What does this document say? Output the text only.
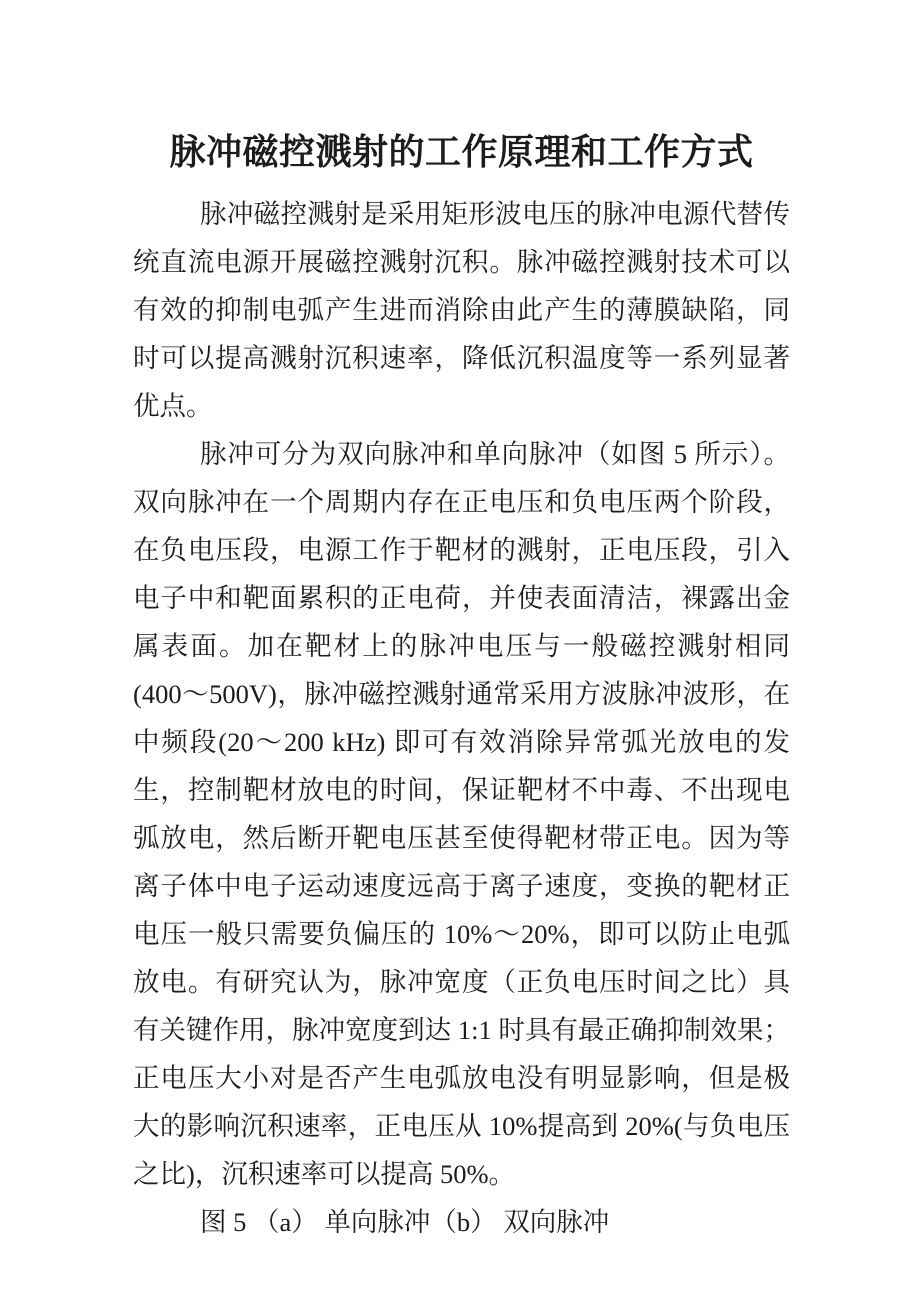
脉冲磁控溅射的工作原理和工作方式

脉冲磁控溅射是采用矩形波电压的脉冲电源代替传统直流电源开展磁控溅射沉积。脉冲磁控溅射技术可以有效的抑制电弧产生进而消除由此产生的薄膜缺陷，同时可以提高溅射沉积速率，降低沉积温度等一系列显著优点。

脉冲可分为双向脉冲和单向脉冲（如图 5 所示）。双向脉冲在一个周期内存在正电压和负电压两个阶段，在负电压段，电源工作于靶材的溅射，正电压段，引入电子中和靶面累积的正电荷，并使表面清洁，裸露出金属表面。加在靶材上的脉冲电压与一般磁控溅射相同(400～500V)，脉冲磁控溅射通常采用方波脉冲波形，在中频段(20～200 kHz) 即可有效消除异常弧光放电的发生，控制靶材放电的时间，保证靶材不中毒、不出现电弧放电，然后断开靶电压甚至使得靶材带正电。因为等离子体中电子运动速度远高于离子速度，变换的靶材正电压一般只需要负偏压的 10%～20%，即可以防止电弧放电。有研究认为，脉冲宽度（正负电压时间之比）具有关键作用，脉冲宽度到达 1:1 时具有最正确抑制效果；正电压大小对是否产生电弧放电没有明显影响，但是极大的影响沉积速率，正电压从 10%提高到 20%(与负电压之比)，沉积速率可以提高 50%。

图 5 （a） 单向脉冲（b） 双向脉冲
